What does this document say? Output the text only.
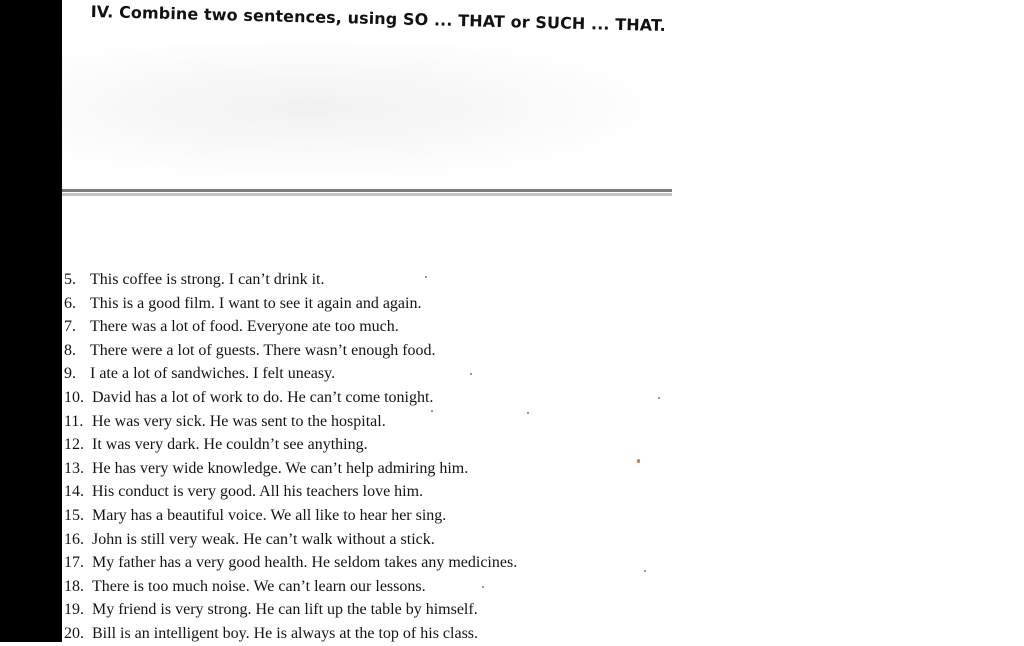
IV. Combine two sentences, using SO ... THAT or SUCH ... THAT.
5. This coffee is strong. I can’t drink it.
6. This is a good film. I want to see it again and again.
7. There was a lot of food. Everyone ate too much.
8. There were a lot of guests. There wasn’t enough food.
9. I ate a lot of sandwiches. I felt uneasy.
10. David has a lot of work to do. He can’t come tonight.
11. He was very sick. He was sent to the hospital.
12. It was very dark. He couldn’t see anything.
13. He has very wide knowledge. We can’t help admiring him.
14. His conduct is very good. All his teachers love him.
15. Mary has a beautiful voice. We all like to hear her sing.
16. John is still very weak. He can’t walk without a stick.
17. My father has a very good health. He seldom takes any medicines.
18. There is too much noise. We can’t learn our lessons.
19. My friend is very strong. He can lift up the table by himself.
20. Bill is an intelligent boy. He is always at the top of his class.
